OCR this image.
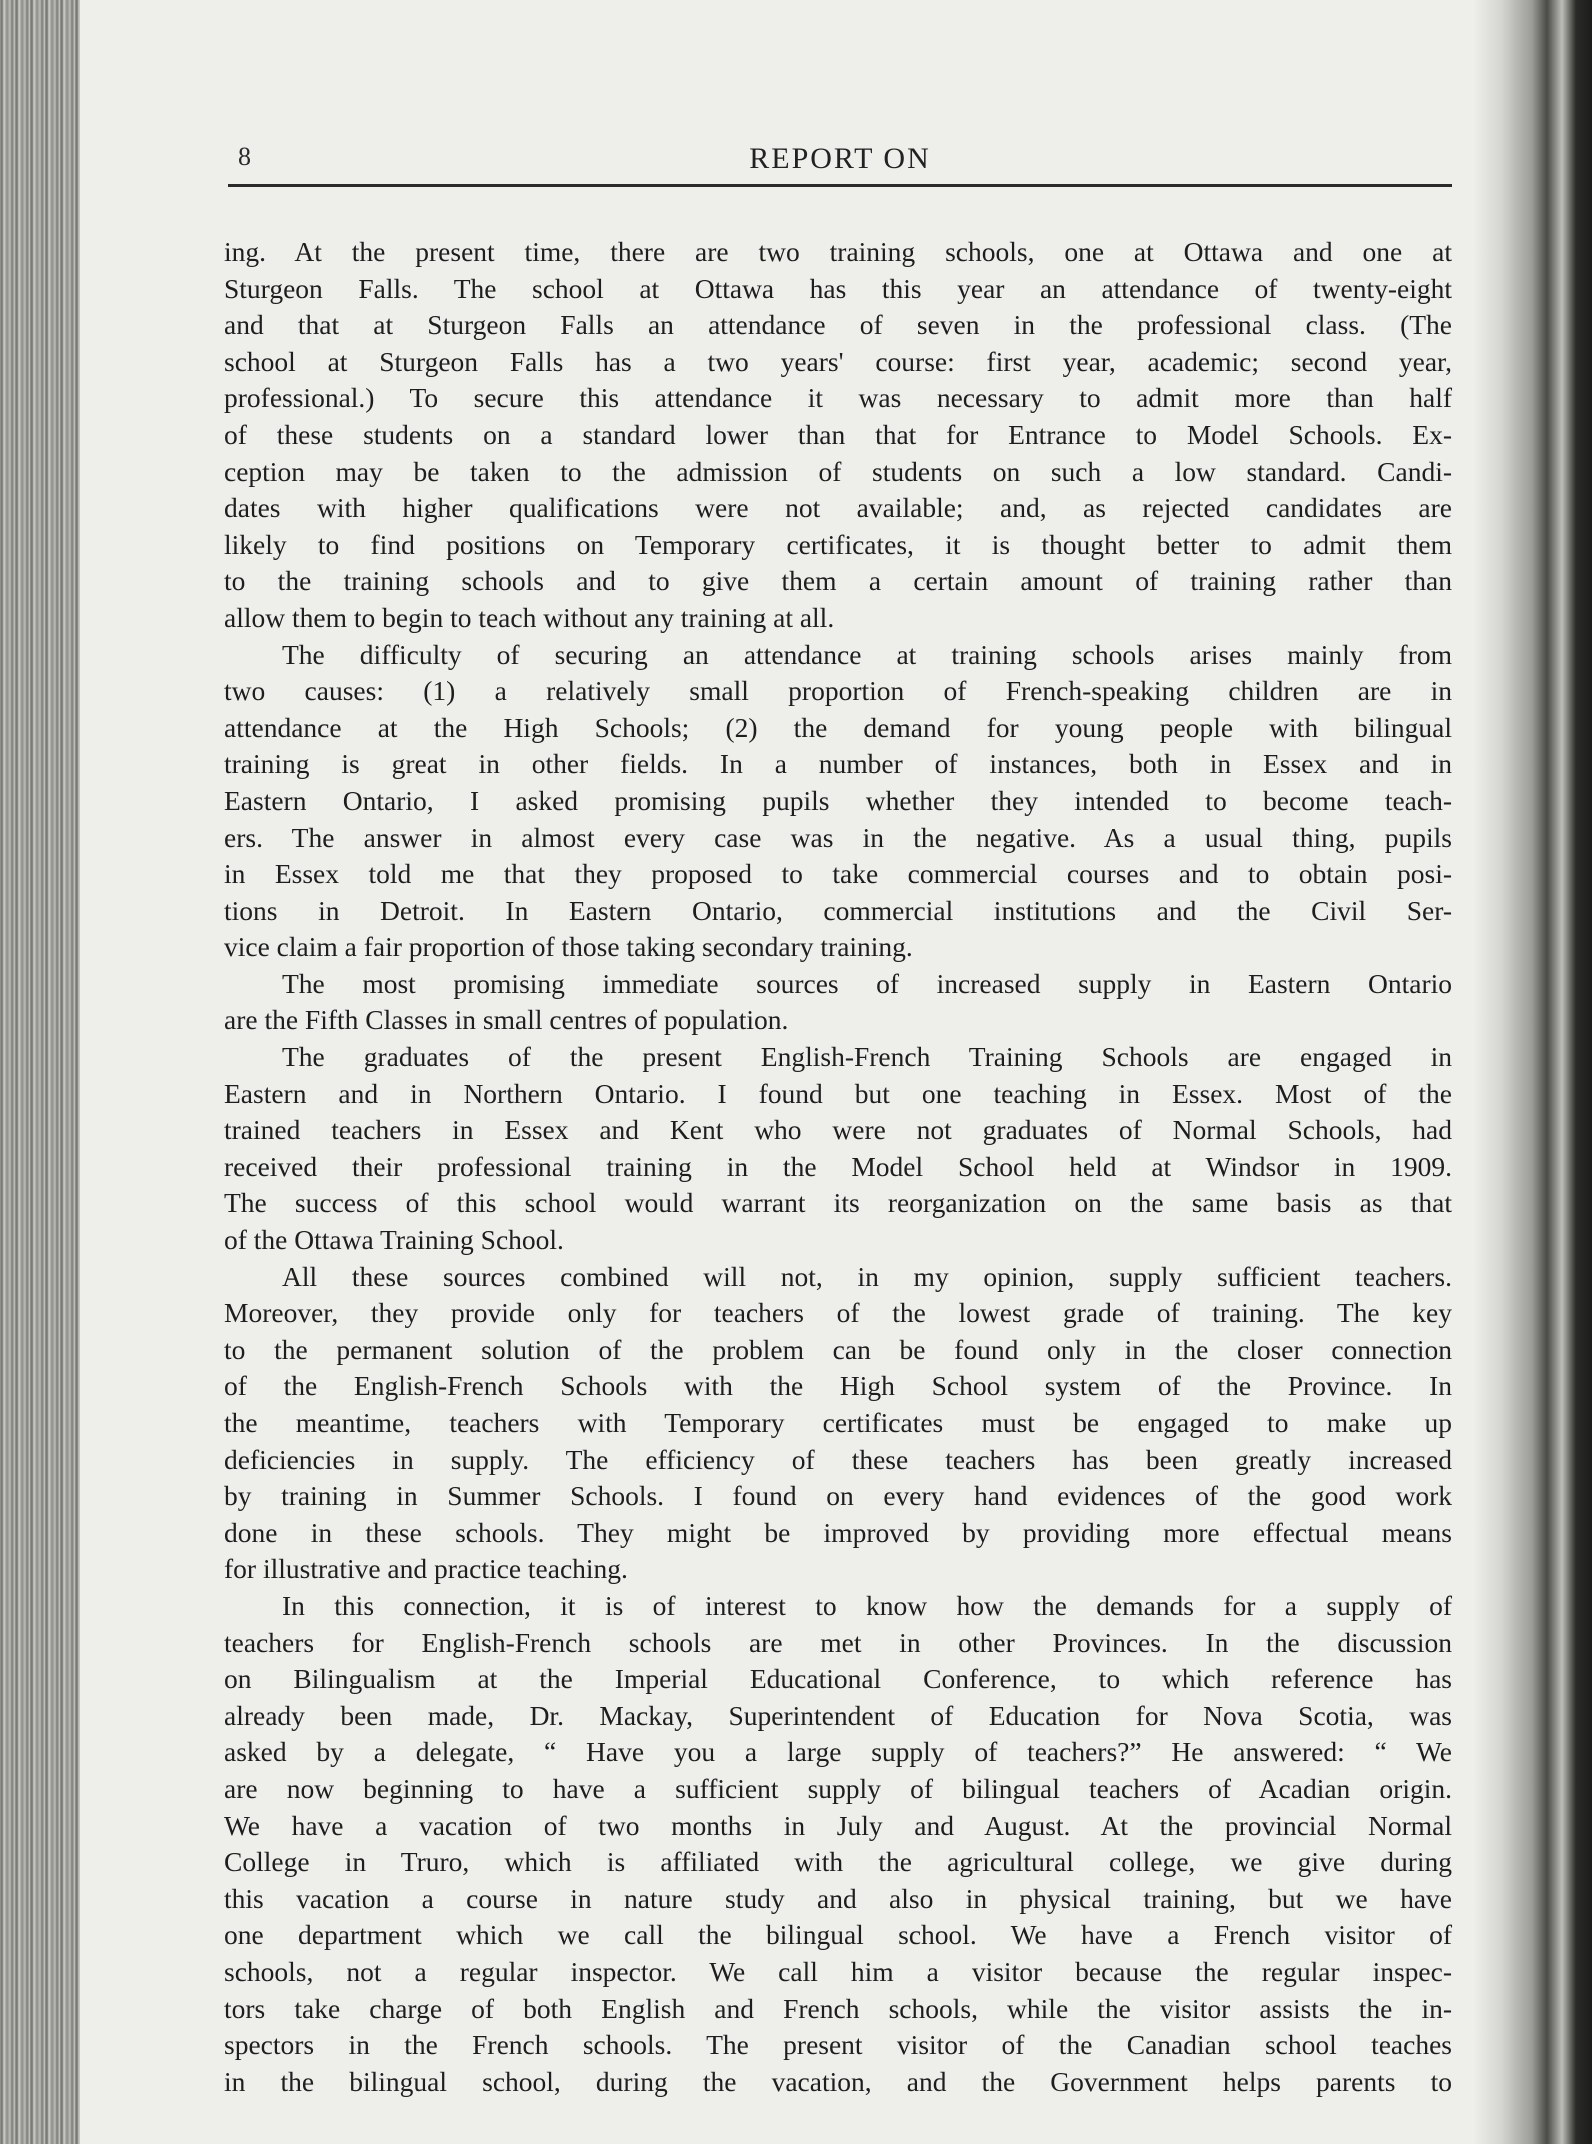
8	REPORT ON
ing. At the present time, there are two training schools, one at Ottawa and one at
Sturgeon Falls. The school at Ottawa has this year an attendance of twenty-eight
and that at Sturgeon Falls an attendance of seven in the professional class. (The
school at Sturgeon Falls has a two years' course: first year, academic; second year,
professional.) To secure this attendance it was necessary to admit more than half
of these students on a standard lower than that for Entrance to Model Schools. Ex-
ception may be taken to the admission of students on such a low standard. Candi-
dates with higher qualifications were not available; and, as rejected candidates are
likely to find positions on Temporary certificates, it is thought better to admit them
to the training schools and to give them a certain amount of training rather than
allow them to begin to teach without any training at all.
The difficulty of securing an attendance at training schools arises mainly from
two causes: (1) a relatively small proportion of French-speaking children are in
attendance at the High Schools; (2) the demand for young people with bilingual
training is great in other fields. In a number of instances, both in Essex and in
Eastern Ontario, I asked promising pupils whether they intended to become teach-
ers. The answer in almost every case was in the negative. As a usual thing, pupils
in Essex told me that they proposed to take commercial courses and to obtain posi-
tions in Detroit. In Eastern Ontario, commercial institutions and the Civil Ser-
vice claim a fair proportion of those taking secondary training.
The most promising immediate sources of increased supply in Eastern Ontario
are the Fifth Classes in small centres of population.
The graduates of the present English-French Training Schools are engaged in
Eastern and in Northern Ontario. I found but one teaching in Essex. Most of the
trained teachers in Essex and Kent who were not graduates of Normal Schools, had
received their professional training in the Model School held at Windsor in 1909.
The success of this school would warrant its reorganization on the same basis as that
of the Ottawa Training School.
All these sources combined will not, in my opinion, supply sufficient teachers.
Moreover, they provide only for teachers of the lowest grade of training. The key
to the permanent solution of the problem can be found only in the closer connection
of the English-French Schools with the High School system of the Province. In
the meantime, teachers with Temporary certificates must be engaged to make up
deficiencies in supply. The efficiency of these teachers has been greatly increased
by training in Summer Schools. I found on every hand evidences of the good work
done in these schools. They might be improved by providing more effectual means
for illustrative and practice teaching.
In this connection, it is of interest to know how the demands for a supply of
teachers for English-French schools are met in other Provinces. In the discussion
on Bilingualism at the Imperial Educational Conference, to which reference has
already been made, Dr. Mackay, Superintendent of Education for Nova Scotia, was
asked by a delegate, “ Have you a large supply of teachers?” He answered: “ We
are now beginning to have a sufficient supply of bilingual teachers of Acadian origin.
We have a vacation of two months in July and August. At the provincial Normal
College in Truro, which is affiliated with the agricultural college, we give during
this vacation a course in nature study and also in physical training, but we have
one department which we call the bilingual school. We have a French visitor of
schools, not a regular inspector. We call him a visitor because the regular inspec-
tors take charge of both English and French schools, while the visitor assists the in-
spectors in the French schools. The present visitor of the Canadian school teaches
in the bilingual school, during the vacation, and the Government helps parents to
